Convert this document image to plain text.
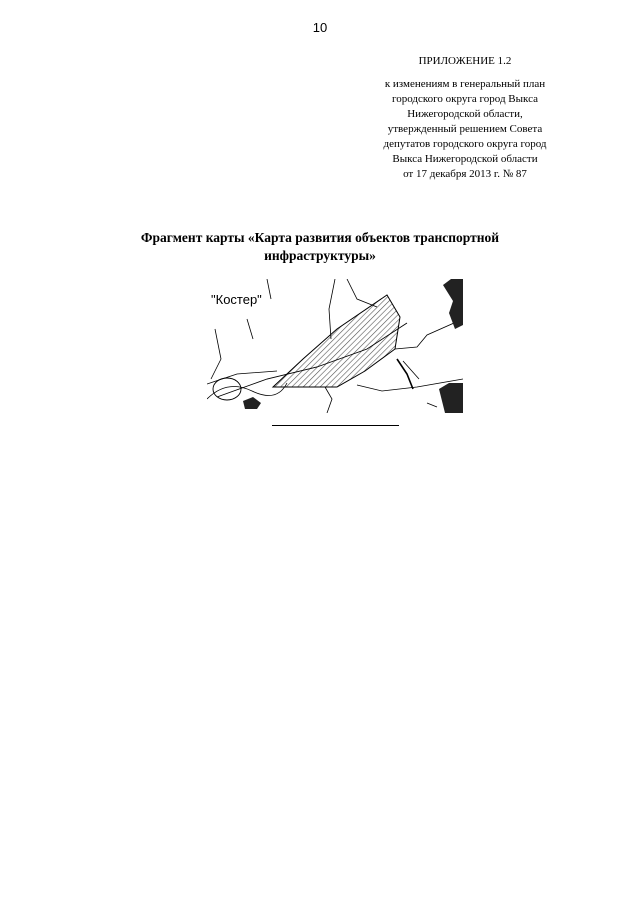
10
ПРИЛОЖЕНИЕ 1.2
к изменениям в генеральный план
городского округа город Выкса
Нижегородской области,
утвержденный решением Совета
депутатов городского округа город
Выкса Нижегородской области
от 17 декабря 2013 г. № 87
Фрагмент карты «Карта развития объектов транспортной
инфраструктуры»
"Костер"
